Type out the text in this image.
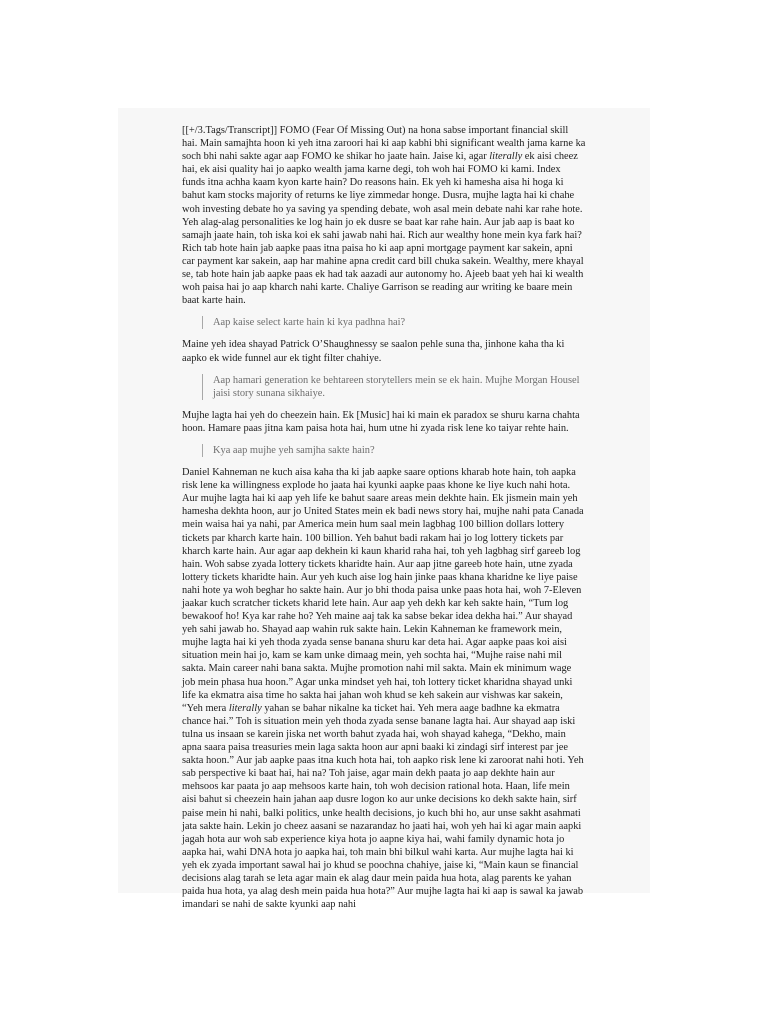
[[+/3.Tags/Transcript]] FOMO (Fear Of Missing Out) na hona sabse important financial skill hai. Main samajhta hoon ki yeh itna zaroori hai ki aap kabhi bhi significant wealth jama karne ka soch bhi nahi sakte agar aap FOMO ke shikar ho jaate hain. Jaise ki, agar literally ek aisi cheez hai, ek aisi quality hai jo aapko wealth jama karne degi, toh woh hai FOMO ki kami. Index funds itna achha kaam kyon karte hain? Do reasons hain. Ek yeh ki hamesha aisa hi hoga ki bahut kam stocks majority of returns ke liye zimmedar honge. Dusra, mujhe lagta hai ki chahe woh investing debate ho ya saving ya spending debate, woh asal mein debate nahi kar rahe hote. Yeh alag-alag personalities ke log hain jo ek dusre se baat kar rahe hain. Aur jab aap is baat ko samajh jaate hain, toh iska koi ek sahi jawab nahi hai. Rich aur wealthy hone mein kya fark hai? Rich tab hote hain jab aapke paas itna paisa ho ki aap apni mortgage payment kar sakein, apni car payment kar sakein, aap har mahine apna credit card bill chuka sakein. Wealthy, mere khayal se, tab hote hain jab aapke paas ek had tak aazadi aur autonomy ho. Ajeeb baat yeh hai ki wealth woh paisa hai jo aap kharch nahi karte. Chaliye Garrison se reading aur writing ke baare mein baat karte hain.

Aap kaise select karte hain ki kya padhna hai?

Maine yeh idea shayad Patrick O’Shaughnessy se saalon pehle suna tha, jinhone kaha tha ki aapko ek wide funnel aur ek tight filter chahiye.

Aap hamari generation ke behtareen storytellers mein se ek hain. Mujhe Morgan Housel jaisi story sunana sikhaiye.

Mujhe lagta hai yeh do cheezein hain. Ek [Music] hai ki main ek paradox se shuru karna chahta hoon. Hamare paas jitna kam paisa hota hai, hum utne hi zyada risk lene ko taiyar rehte hain.

Kya aap mujhe yeh samjha sakte hain?

Daniel Kahneman ne kuch aisa kaha tha ki jab aapke saare options kharab hote hain, toh aapka risk lene ka willingness explode ho jaata hai kyunki aapke paas khone ke liye kuch nahi hota. Aur mujhe lagta hai ki aap yeh life ke bahut saare areas mein dekhte hain. Ek jismein main yeh hamesha dekhta hoon, aur jo United States mein ek badi news story hai, mujhe nahi pata Canada mein waisa hai ya nahi, par America mein hum saal mein lagbhag 100 billion dollars lottery tickets par kharch karte hain. 100 billion. Yeh bahut badi rakam hai jo log lottery tickets par kharch karte hain. Aur agar aap dekhein ki kaun kharid raha hai, toh yeh lagbhag sirf gareeb log hain. Woh sabse zyada lottery tickets kharidte hain. Aur aap jitne gareeb hote hain, utne zyada lottery tickets kharidte hain. Aur yeh kuch aise log hain jinke paas khana kharidne ke liye paise nahi hote ya woh beghar ho sakte hain. Aur jo bhi thoda paisa unke paas hota hai, woh 7-Eleven jaakar kuch scratcher tickets kharid lete hain. Aur aap yeh dekh kar keh sakte hain, “Tum log bewakoof ho! Kya kar rahe ho? Yeh maine aaj tak ka sabse bekar idea dekha hai.” Aur shayad yeh sahi jawab ho. Shayad aap wahin ruk sakte hain. Lekin Kahneman ke framework mein, mujhe lagta hai ki yeh thoda zyada sense banana shuru kar deta hai. Agar aapke paas koi aisi situation mein hai jo, kam se kam unke dimaag mein, yeh sochta hai, “Mujhe raise nahi mil sakta. Main career nahi bana sakta. Mujhe promotion nahi mil sakta. Main ek minimum wage job mein phasa hua hoon.” Agar unka mindset yeh hai, toh lottery ticket kharidna shayad unki life ka ekmatra aisa time ho sakta hai jahan woh khud se keh sakein aur vishwas kar sakein, “Yeh mera literally yahan se bahar nikalne ka ticket hai. Yeh mera aage badhne ka ekmatra chance hai.” Toh is situation mein yeh thoda zyada sense banane lagta hai. Aur shayad aap iski tulna us insaan se karein jiska net worth bahut zyada hai, woh shayad kahega, “Dekho, main apna saara paisa treasuries mein laga sakta hoon aur apni baaki ki zindagi sirf interest par jee sakta hoon.” Aur jab aapke paas itna kuch hota hai, toh aapko risk lene ki zaroorat nahi hoti. Yeh sab perspective ki baat hai, hai na? Toh jaise, agar main dekh paata jo aap dekhte hain aur mehsoos kar paata jo aap mehsoos karte hain, toh woh decision rational hota. Haan, life mein aisi bahut si cheezein hain jahan aap dusre logon ko aur unke decisions ko dekh sakte hain, sirf paise mein hi nahi, balki politics, unke health decisions, jo kuch bhi ho, aur unse sakht asahmati jata sakte hain. Lekin jo cheez aasani se nazarandaz ho jaati hai, woh yeh hai ki agar main aapki jagah hota aur woh sab experience kiya hota jo aapne kiya hai, wahi family dynamic hota jo aapka hai, wahi DNA hota jo aapka hai, toh main bhi bilkul wahi karta. Aur mujhe lagta hai ki yeh ek zyada important sawal hai jo khud se poochna chahiye, jaise ki, “Main kaun se financial decisions alag tarah se leta agar main ek alag daur mein paida hua hota, alag parents ke yahan paida hua hota, ya alag desh mein paida hua hota?” Aur mujhe lagta hai ki aap is sawal ka jawab imandari se nahi de sakte kyunki aap nahi
